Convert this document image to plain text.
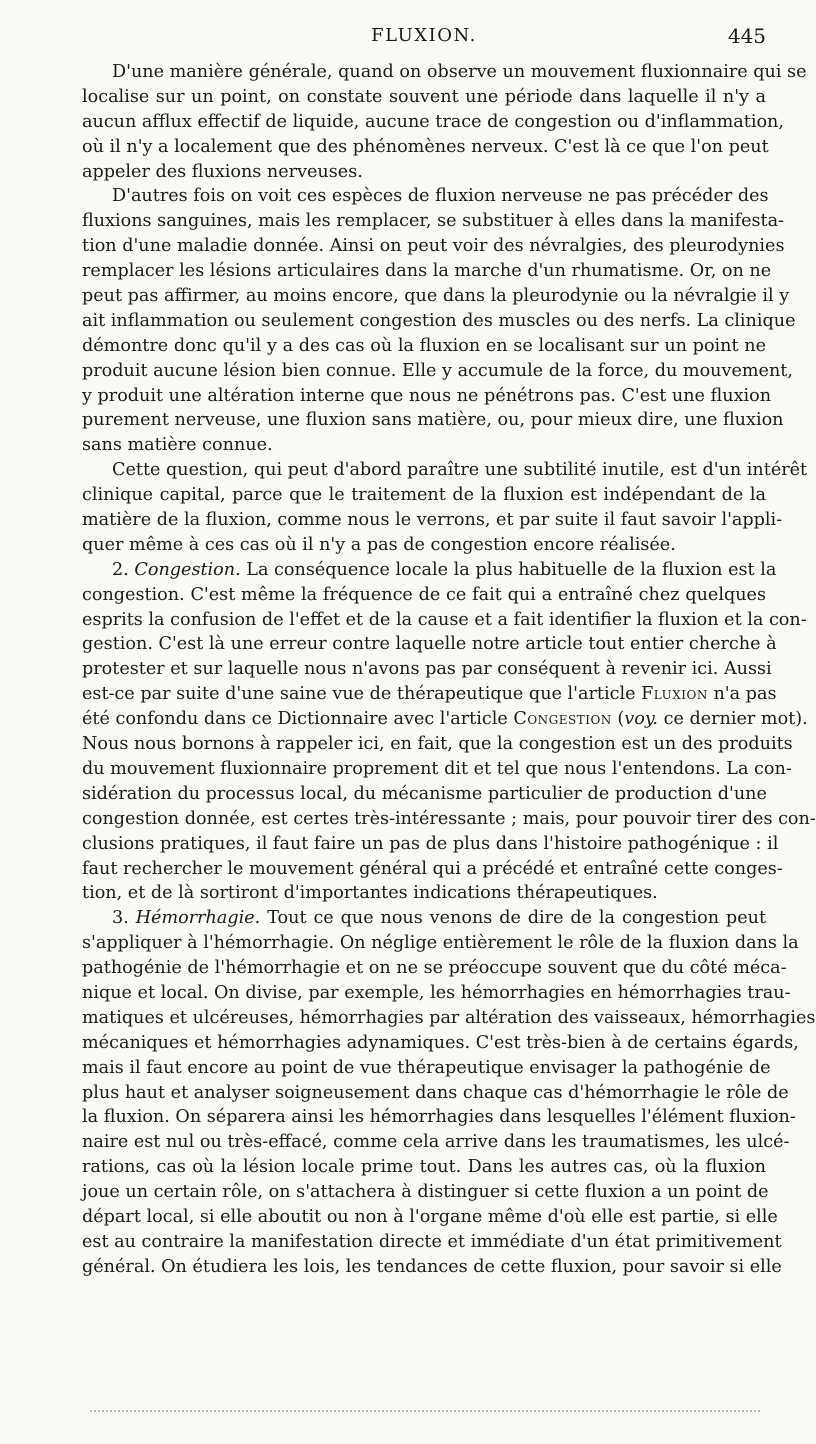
FLUXION.	445
D'une manière générale, quand on observe un mouvement fluxionnaire qui se
localise sur un point, on constate souvent une période dans laquelle il n'y a
aucun afflux effectif de liquide, aucune trace de congestion ou d'inflammation,
où il n'y a localement que des phénomènes nerveux. C'est là ce que l'on peut
appeler des fluxions nerveuses.
D'autres fois on voit ces espèces de fluxion nerveuse ne pas précéder des
fluxions sanguines, mais les remplacer, se substituer à elles dans la manifesta-
tion d'une maladie donnée. Ainsi on peut voir des névralgies, des pleurodynies
remplacer les lésions articulaires dans la marche d'un rhumatisme. Or, on ne
peut pas affirmer, au moins encore, que dans la pleurodynie ou la névralgie il y
ait inflammation ou seulement congestion des muscles ou des nerfs. La clinique
démontre donc qu'il y a des cas où la fluxion en se localisant sur un point ne
produit aucune lésion bien connue. Elle y accumule de la force, du mouvement,
y produit une altération interne que nous ne pénétrons pas. C'est une fluxion
purement nerveuse, une fluxion sans matière, ou, pour mieux dire, une fluxion
sans matière connue.
Cette question, qui peut d'abord paraître une subtilité inutile, est d'un intérêt
clinique capital, parce que le traitement de la fluxion est indépendant de la
matière de la fluxion, comme nous le verrons, et par suite il faut savoir l'appli-
quer même à ces cas où il n'y a pas de congestion encore réalisée.
2. Congestion. La conséquence locale la plus habituelle de la fluxion est la
congestion. C'est même la fréquence de ce fait qui a entraîné chez quelques
esprits la confusion de l'effet et de la cause et a fait identifier la fluxion et la con-
gestion. C'est là une erreur contre laquelle notre article tout entier cherche à
protester et sur laquelle nous n'avons pas par conséquent à revenir ici. Aussi
est-ce par suite d'une saine vue de thérapeutique que l'article Fluxion n'a pas
été confondu dans ce Dictionnaire avec l'article Congestion (voy. ce dernier mot).
Nous nous bornons à rappeler ici, en fait, que la congestion est un des produits
du mouvement fluxionnaire proprement dit et tel que nous l'entendons. La con-
sidération du processus local, du mécanisme particulier de production d'une
congestion donnée, est certes très-intéressante ; mais, pour pouvoir tirer des con-
clusions pratiques, il faut faire un pas de plus dans l'histoire pathogénique : il
faut rechercher le mouvement général qui a précédé et entraîné cette conges-
tion, et de là sortiront d'importantes indications thérapeutiques.
3. Hémorrhagie. Tout ce que nous venons de dire de la congestion peut
s'appliquer à l'hémorrhagie. On néglige entièrement le rôle de la fluxion dans la
pathogénie de l'hémorrhagie et on ne se préoccupe souvent que du côté méca-
nique et local. On divise, par exemple, les hémorrhagies en hémorrhagies trau-
matiques et ulcéreuses, hémorrhagies par altération des vaisseaux, hémorrhagies
mécaniques et hémorrhagies adynamiques. C'est très-bien à de certains égards,
mais il faut encore au point de vue thérapeutique envisager la pathogénie de
plus haut et analyser soigneusement dans chaque cas d'hémorrhagie le rôle de
la fluxion. On séparera ainsi les hémorrhagies dans lesquelles l'élément fluxion-
naire est nul ou très-effacé, comme cela arrive dans les traumatismes, les ulcé-
rations, cas où la lésion locale prime tout. Dans les autres cas, où la fluxion
joue un certain rôle, on s'attachera à distinguer si cette fluxion a un point de
départ local, si elle aboutit ou non à l'organe même d'où elle est partie, si elle
est au contraire la manifestation directe et immédiate d'un état primitivement
général. On étudiera les lois, les tendances de cette fluxion, pour savoir si elle
